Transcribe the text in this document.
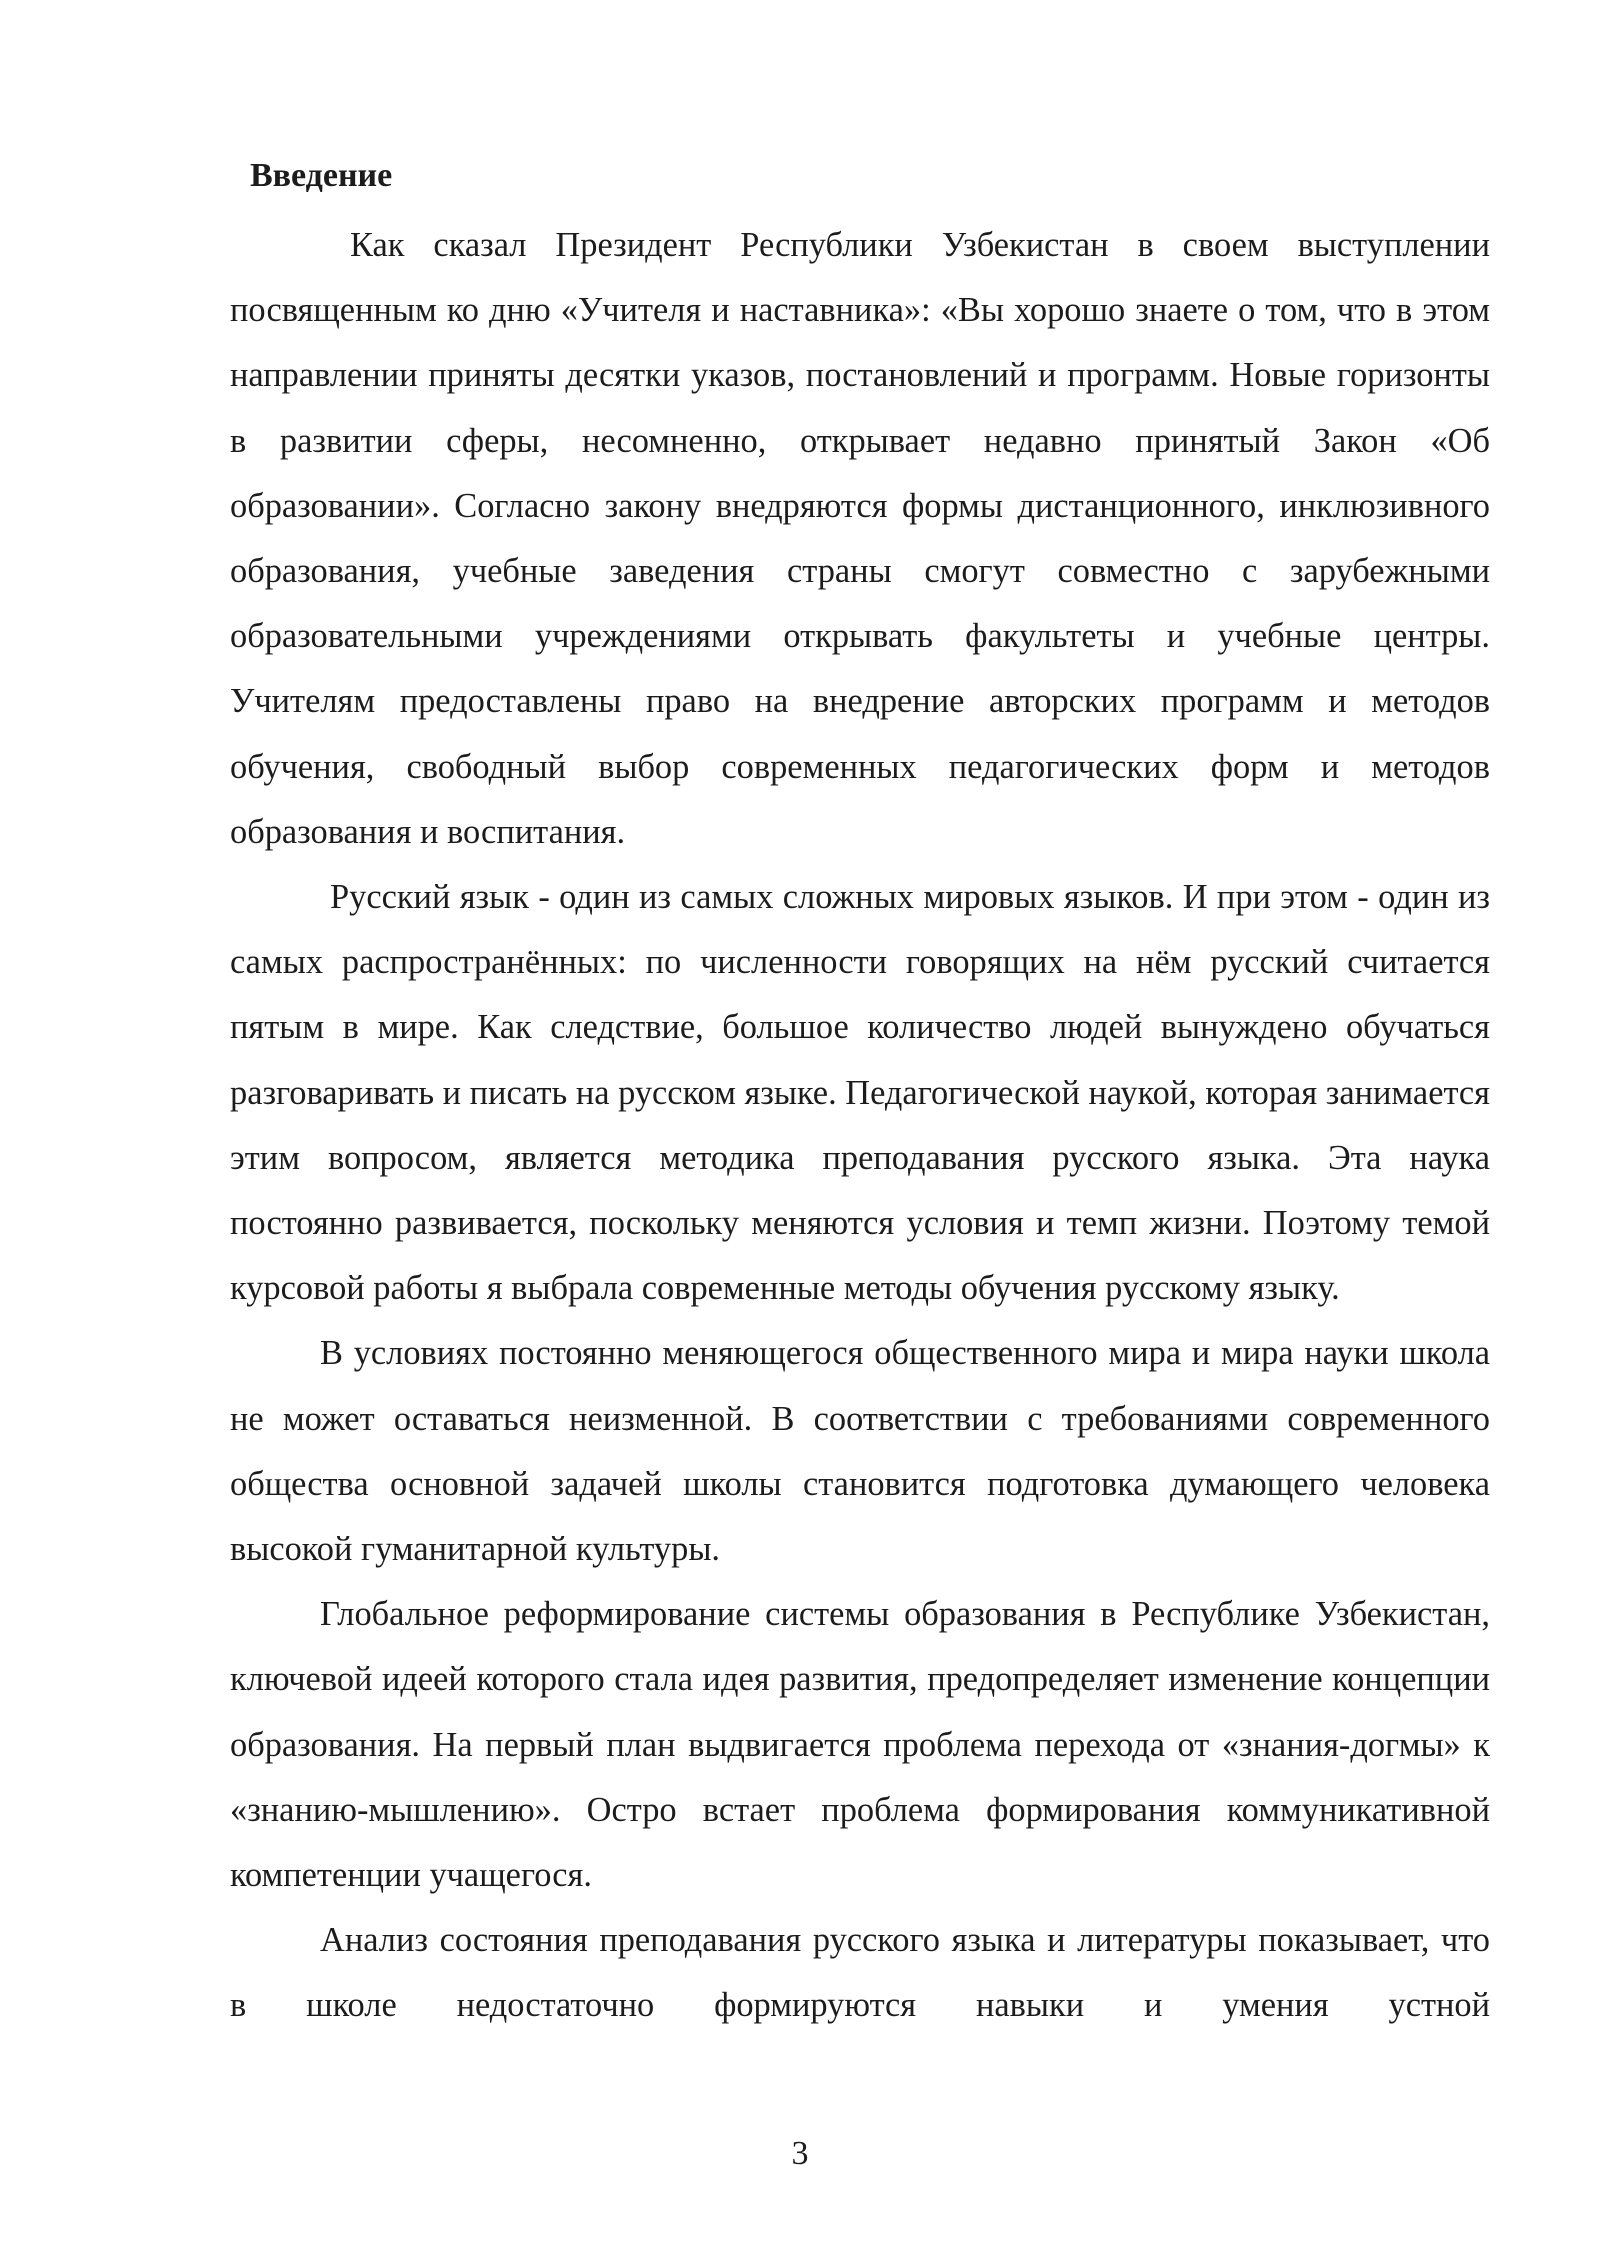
Введение

Как сказал Президент Республики Узбекистан в своем выступлении посвященным ко дню «Учителя и наставника»: «Вы хорошо знаете о том, что в этом направлении приняты десятки указов, постановлений и программ. Новые горизонты в развитии сферы, несомненно, открывает недавно принятый Закон «Об образовании». Согласно закону внедряются формы дистанционного, инклюзивного образования, учебные заведения страны смогут совместно с зарубежными образовательными учреждениями открывать факультеты и учебные центры. Учителям предоставлены право на внедрение авторских программ и методов обучения, свободный выбор современных педагогических форм и методов образования и воспитания.

Русский язык - один из самых сложных мировых языков. И при этом - один из самых распространённых: по численности говорящих на нём русский считается пятым в мире. Как следствие, большое количество людей вынуждено обучаться разговаривать и писать на русском языке. Педагогической наукой, которая занимается этим вопросом, является методика преподавания русского языка. Эта наука постоянно развивается, поскольку меняются условия и темп жизни. Поэтому темой курсовой работы я выбрала современные методы обучения русскому языку.

В условиях постоянно меняющегося общественного мира и мира науки школа не может оставаться неизменной. В соответствии с требованиями современного общества основной задачей школы становится подготовка думающего человека высокой гуманитарной культуры.

Глобальное реформирование системы образования в Республике Узбекистан, ключевой идеей которого стала идея развития, предопределяет изменение концепции образования. На первый план выдвигается проблема перехода от «знания-догмы» к «знанию-мышлению». Остро встает проблема формирования коммуникативной компетенции учащегося.

Анализ состояния преподавания русского языка и литературы показывает, что в школе недостаточно формируются навыки и умения устной

3
